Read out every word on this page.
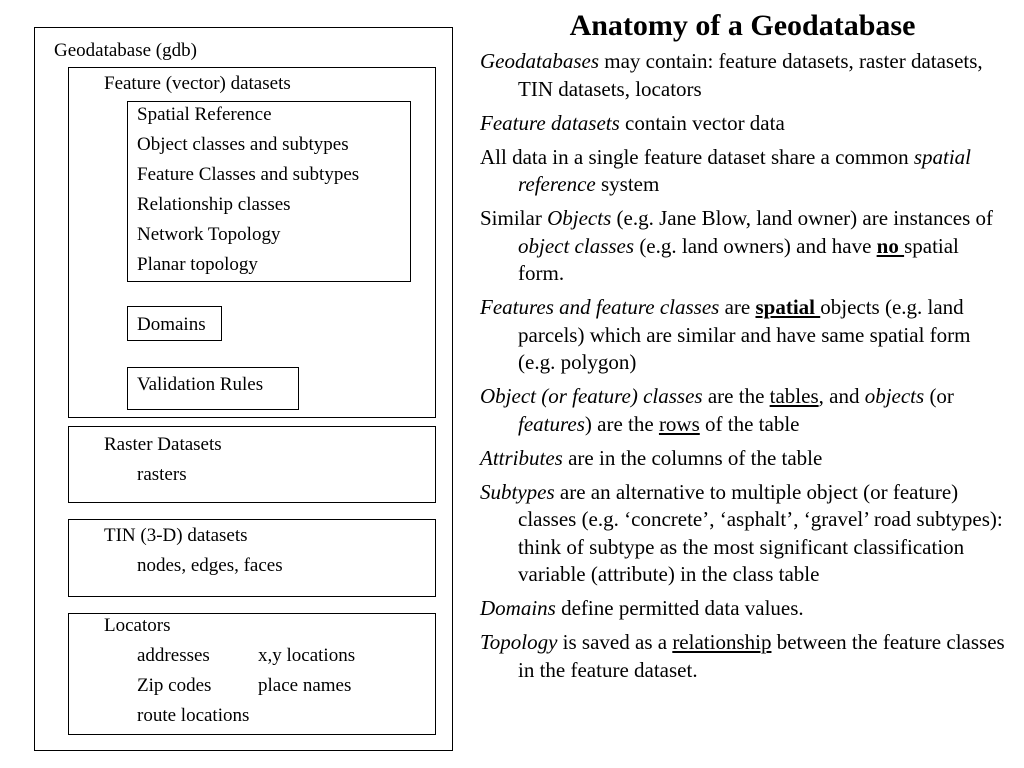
Geodatabase (gdb)
Feature (vector) datasets
Spatial Reference
Object classes and subtypes
Feature Classes and subtypes
Relationship classes
Network Topology
Planar topology
Domains
Validation Rules
Raster Datasets
rasters
TIN (3-D) datasets
nodes, edges, faces
Locators
addresses	x,y locations
Zip codes place names
route locations
Anatomy of a Geodatabase
Geodatabases may contain: feature datasets, raster datasets, TIN datasets, locators
Feature datasets contain vector data
All data in a single feature dataset share a common spatial reference system
Similar Objects (e.g. Jane Blow, land owner) are instances of object classes (e.g. land owners) and have no spatial form.
Features and feature classes are spatial objects (e.g. land parcels) which are similar and have same spatial form (e.g. polygon)
Object (or feature) classes are the tables, and objects (or features) are the rows of the table
Attributes are in the columns of the table
Subtypes are an alternative to multiple object (or feature) classes (e.g. ‘concrete’, ‘asphalt’, ‘gravel’ road subtypes): think of subtype as the most significant classification variable (attribute) in the class table
Domains define permitted data values.
Topology is saved as a relationship between the feature classes in the feature dataset.
